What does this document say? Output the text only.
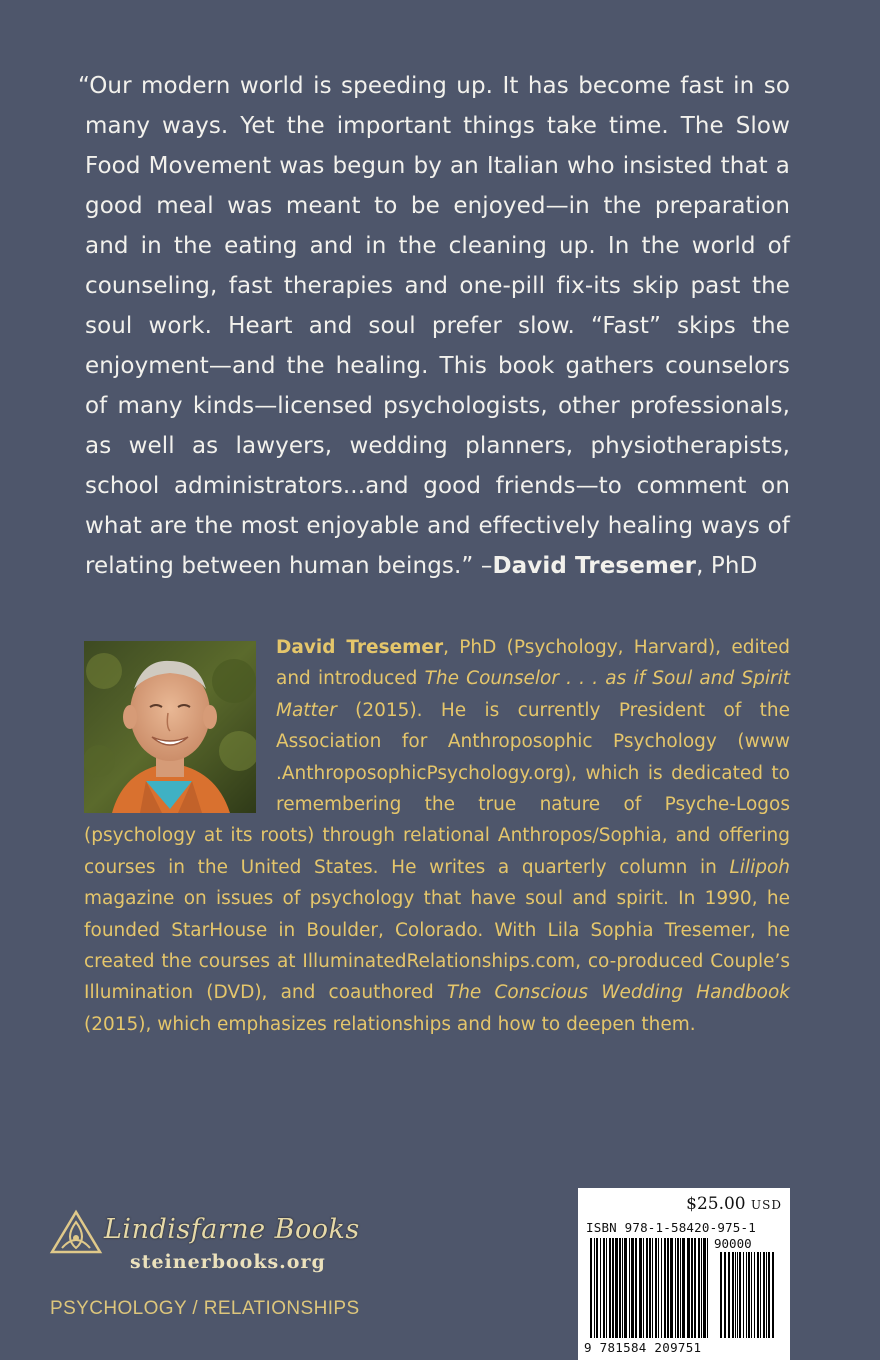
“Our modern world is speeding up. It has become fast in so many ways. Yet the important things take time. The Slow Food Movement was begun by an Italian who insisted that a good meal was meant to be enjoyed—in the preparation and in the eating and in the cleaning up. In the world of counseling, fast therapies and one-pill fix-its skip past the soul work. Heart and soul prefer slow. “Fast” skips the enjoyment—and the healing. This book gathers counselors of many kinds—licensed psychologists, other professionals, as well as lawyers, wedding planners, physiotherapists, school administrators...and good friends—to comment on what are the most enjoyable and effectively healing ways of relating between human beings.” –David Tresemer, PhD
David Tresemer, PhD (Psychology, Harvard), edited and introduced The Counselor . . . as if Soul and Spirit Matter (2015). He is currently President of the Association for Anthroposophic Psychology (www .AnthroposophicPsychology.org), which is dedicated to remembering the true nature of Psyche-Logos (psychology at its roots) through relational Anthropos/Sophia, and offering courses in the United States. He writes a quarterly column in Lilipoh magazine on issues of psychology that have soul and spirit. In 1990, he founded StarHouse in Boulder, Colorado. With Lila Sophia Tresemer, he created the courses at IlluminatedRelationships.com, co-produced Couple’s Illumination (DVD), and coauthored The Conscious Wedding Handbook (2015), which emphasizes relationships and how to deepen them.
Lindisfarne Books
steinerbooks.org
PSYCHOLOGY / RELATIONSHIPS
$25.00 USD
ISBN 978-1-58420-975-1
90000
9 781584 209751
